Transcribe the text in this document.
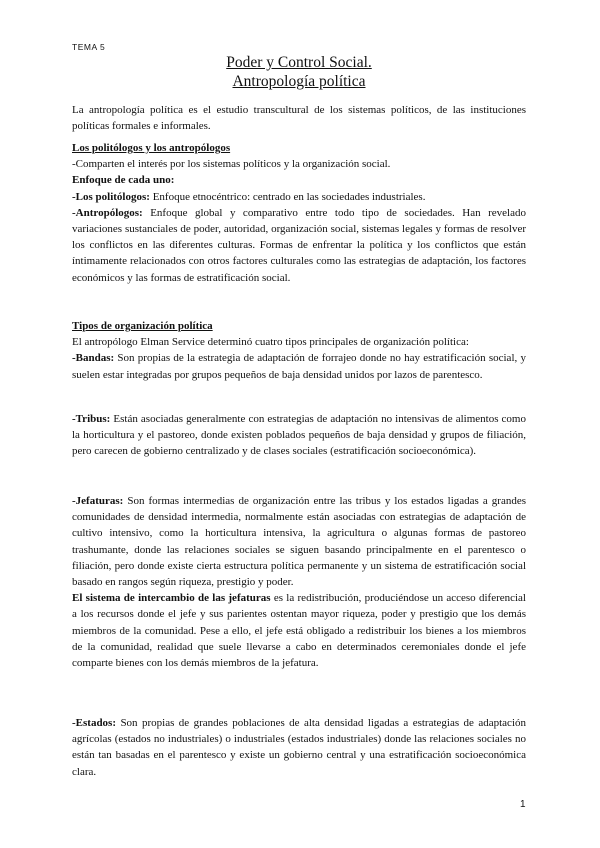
TEMA 5
Poder y Control Social.
Antropología política

La antropología política es el estudio transcultural de los sistemas políticos, de las instituciones políticas formales e informales.

Los politólogos y los antropólogos

-Comparten el interés por los sistemas políticos y la organización social.

Enfoque de cada uno:

-Los politólogos: Enfoque etnocéntrico: centrado en las sociedades industriales.

-Antropólogos: Enfoque global y comparativo entre todo tipo de sociedades. Han revelado variaciones sustanciales de poder, autoridad, organización social, sistemas legales y formas de resolver los conflictos en las diferentes culturas. Formas de enfrentar la política y los conflictos que están íntimamente relacionados con otros factores culturales como las estrategias de adaptación, los factores económicos y las formas de estratificación social.

Tipos de organización política

El antropólogo Elman Service determinó cuatro tipos principales de organización política:

-Bandas: Son propias de la estrategia de adaptación de forrajeo donde no hay estratificación social, y suelen estar integradas por grupos pequeños de baja densidad unidos por lazos de parentesco.

-Tribus: Están asociadas generalmente con estrategias de adaptación no intensivas de alimentos como la horticultura y el pastoreo, donde existen poblados pequeños de baja densidad y grupos de filiación, pero carecen de gobierno centralizado y de clases sociales (estratificación socioeconómica).

-Jefaturas: Son formas intermedias de organización entre las tribus y los estados ligadas a grandes comunidades de densidad intermedia, normalmente están asociadas con estrategias de adaptación de cultivo intensivo, como la horticultura intensiva, la agricultura o algunas formas de pastoreo trashumante, donde las relaciones sociales se siguen basando principalmente en el parentesco o filiación, pero donde existe cierta estructura política permanente y un sistema de estratificación social basado en rangos según riqueza, prestigio y poder.

El sistema de intercambio de las jefaturas es la redistribución, produciéndose un acceso diferencial a los recursos donde el jefe y sus parientes ostentan mayor riqueza, poder y prestigio que los demás miembros de la comunidad. Pese a ello, el jefe está obligado a redistribuir los bienes a los miembros de la comunidad, realidad que suele llevarse a cabo en determinados ceremoniales donde el jefe comparte bienes con los demás miembros de la jefatura.

-Estados: Son propias de grandes poblaciones de alta densidad ligadas a estrategias de adaptación agrícolas (estados no industriales) o industriales (estados industriales) donde las relaciones sociales no están tan basadas en el parentesco y existe un gobierno central y una estratificación socioeconómica clara.

1
